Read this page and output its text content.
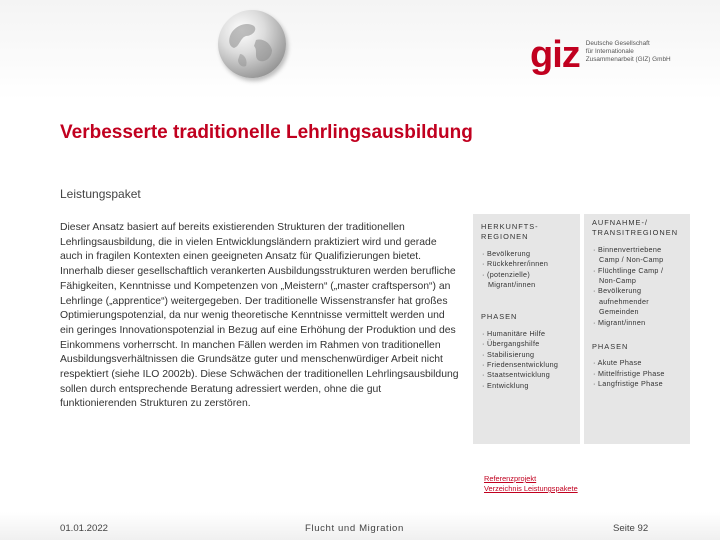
giz Deutsche Gesellschaft
für Internationale
Zusammenarbeit (GIZ) GmbH
Verbesserte traditionelle Lehrlingsausbildung
Leistungspaket

Dieser Ansatz basiert auf bereits existierenden Strukturen der traditionellen Lehrlingsausbildung, die in vielen Entwicklungsländern praktiziert wird und gerade auch in fragilen Kontexten einen geeigneten Ansatz für Qualifizierungen bietet. Innerhalb dieser gesellschaftlich verankerten Ausbildungsstrukturen werden berufliche Fähigkeiten, Kenntnisse und Kompetenzen von „Meistern“ („master craftsperson“) an Lehrlinge („apprentice“) weitergegeben. Der traditionelle Wissenstransfer hat großes Optimierungspotenzial, da nur wenig theoretische Kenntnisse vermittelt werden und ein geringes Innovationspotenzial in Bezug auf eine Erhöhung der Produktion und des Einkommens vorherrscht. In manchen Fällen werden im Rahmen von traditionellen Ausbildungsverhältnissen die Grundsätze guter und menschenwürdiger Arbeit nicht respektiert (siehe ILO 2002b). Diese Schwächen der traditionellen Lehrlingsausbildung sollen durch entsprechende Beratung adressiert werden, ohne die gut funktionierenden Strukturen zu zerstören.

HERKUNFTS-REGIONEN
· Bevölkerung
· Rückkehrer/innen
· (potenzielle) Migrant/innen
PHASEN
· Humanitäre Hilfe
· Übergangshilfe
· Stabilisierung
· Friedensentwicklung
· Staatsentwicklung
· Entwicklung
AUFNAHME-/ TRANSITREGIONEN
· Binnenvertriebene Camp / Non-Camp
· Flüchtlinge Camp / Non-Camp
· Bevölkerung aufnehmender Gemeinden
· Migrant/innen
PHASEN
· Akute Phase
· Mittelfristige Phase
· Langfristige Phase
Referenzprojekt
Verzeichnis Leistungspakete
01.01.2022	Flucht und Migration	Seite 92
